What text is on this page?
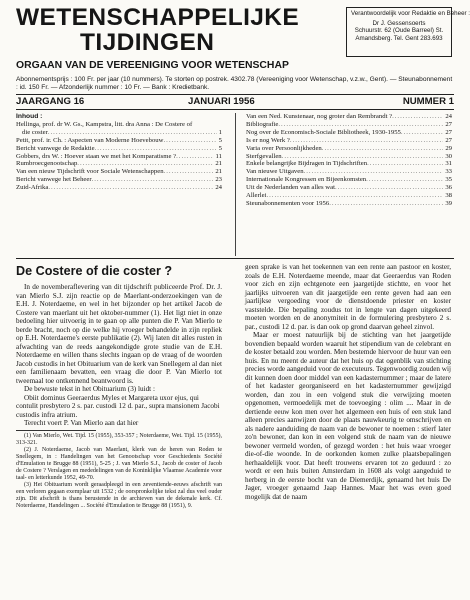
WETENSCHAPPELIJKE
TIJDINGEN
ORGAAN VAN DE VEREENIGING VOOR WETENSCHAP
Verantwoordelijk voor Redaktie en Beheer :
Dr J. Gessensoerts
Schuurstr. 62 (Oude Barreel) St. Amandsberg. Tel. Gent 283.693
Abonnementsprijs : 100 Fr. per jaar (10 nummers). Te storten op postrek. 4302.78 (Vereeniging voor Wetenschap, v.z.w., Gent). — Steunabonnement : id. 150 Fr. — Afzonderlijk nummer : 10 Fr. — Bank : Kredietbank.
JAARGANG 16	JANUARI 1956	NUMMER 1
Inhoud :
Hellinga, prof. dr W. Gs., Kampstra, litt. dra Anna : De Costere of
die coster .....	1
Petit, prof. ir. Ch. : Aspecten van Moderne Hoevebouw .....	5
Bericht vanwege de Redaktie .....	5
Gobbers, drs W. : Hoever staan we met het Komparatisme ? .....	11
Rumbroecgenootschap .....	21
Van een nieuw Tijdschrift voor Sociale Wetenschappen .....	21
Bericht vanwege het Beheer .....	23
Zuid-Afrika .....	24
Van een Ned. Kunstenaar, nog groter dan Rembrandt ? .....	24
Bibliografie .....	27
Nog over de Economisch-Sociale Bibliotheek, 1930-1955 .....	27
Is er nog Werk ? .....	27
Varia over Persoonlijkheden .....	29
Sterfgevallen .....	30
Enkele belangrijke Bijdragen in Tijdschriften .....	31
Van nieuwe Uitgaven .....	33
Internationale Kongressen en Bijeenkomsten .....	35
Uit de Nederlanden van alles wat .....	36
Allerlei .....	38
Steunabonnementen voor 1956 .....	39
De Costere of die coster ?

In de novemberaflevering van dit tijdschrift publiceerde Prof. Dr. J. van Mierlo S.J. zijn reactie op de Maerlant-onderzoekingen van de E.H. J. Noterdaeme, en wel in het bijzonder op het artikel Jacob de Costere van maerlant uit het oktober-nummer (1). Het ligt niet in onze bedoeling hier uitvoerig in te gaan op alle punten die P. Van Mierlo te berde bracht, noch op die welke hij vroeger behandelde in zijn repliek op E.H. Noterdaeme's eerste publikatie (2). Wij laten dit alles rusten in afwachting van de reeds aangekondigde grote studie van de E.H. Noterdaeme en willen thans slechts ingaan op de vraag of de woorden Jacob custodis in het Obituarium van de kerk van Snellegem al dan niet een familienaam bevatten, een vraag die door P. Van Mierlo tot tweemaal toe ontkennend beantwoord is.

De bewuste tekst in het Obituarium (3) luidt :

Obiit dominus Geeraerdus Myles et Margareta uxor ejus, qui contulit presbytero 2 s. par. custodi 12 d. par., supra mansionem Jacobi custodis infra atrium.

Terecht voert P. Van Mierlo aan dat hier

(1) Van Mierlo, Wet. Tijd. 15 (1955), 353-357 ; Noterdaeme, Wet. Tijd. 15 (1955), 313-321.

(2) J. Noterdaeme, Jacob van Maerlant, klerk van de heren van Roden te Snellegem, in : Handelingen van het Genootschap voor Geschiedenis Société d'Emulation te Brugge 88 (1951), 5-25 ; J. van Mierlo S.J., Jacob de coster of Jacob de Costere ? Verslagen en mededelingen van de Koninklijke Vlaamse Academie voor taal- en letterkunde 1952, 49-70.

(3) Het Obituarium wordt geraadpleegd in een zeventiende-eeuws afschrift van een verloren gegaan exemplaar uit 1532 ; de oorspronkelijke tekst zal dus veel ouder zijn. Dit afschrift is thans berustende in de archieven van de dekenale kerk. Cf. Noterdaeme, Handelingen ... Société d'Emulation te Brugge 88 (1951), 9.

geen sprake is van het toekennen van een rente aan pastoor en koster, zoals de E.H. Noterdaeme meende, maar dat Geeraerdus van Roden voor zich en zijn echtgenote een jaargetijde stichtte, en voor het jaarlijks uitvoeren van dit jaargetijde een rente geven had aan een jaarlijkse vergoeding voor de dienstdoende priester en koster vaststelde. Die bepaling zoudus tot in lengte van dagen uitgekeerd moeten worden en de anonymiteit in de formulering presbytero 2 s. par., custodi 12 d. par. is dan ook op grond daarvan geheel zinvol.

Maar er moest natuurlijk bij de stichting van het jaargetijde bovendien bepaald worden waaruit het stipendium van de celebrant en de koster betaald zou worden. Men bestemde hiervoor de huur van een huis. En nu meent de auteur dat het huis op dat ogenblik van stichting precies worde aangeduid voor de executeurs. Tegenwoordig zouden wij dit kunnen doen door middel van een kadasternummer ; maar de latere of het kadaster georganiseerd en het kadasternummer gewijzigd worden, dan zou in een volgend stuk die verwijzing moeten opgenomen, vermoedelijk met de toevoeging : olim .... Maar in de dertiende eeuw kon men over het algemeen een huis of een stuk land alleen precies aanwijzen door de plaats nauwkeurig te omschrijven en als nadere aanduiding de naam van de bewoner te noemen : stierf later zo'n bewoner, dan kon in een volgend stuk de naam van de nieuwe bewoner vermeld worden, of gezegd worden : het huis waar vroeger die-of-die woonde. In de oorkonden komen zulke plaatsbepalingen herhaaldelijk voor. Dat heeft trouwens ervaren tot zo geduurd : zo wordt er een huis buiten Amsterdam in 1608 als volgt aangeduid te herberg in de eerste bocht van de Diemerdijk, genaamd het huis De Jager, vroeger genaamd Jaap Hannes. Maar het was even goed mogelijk dat de naam
